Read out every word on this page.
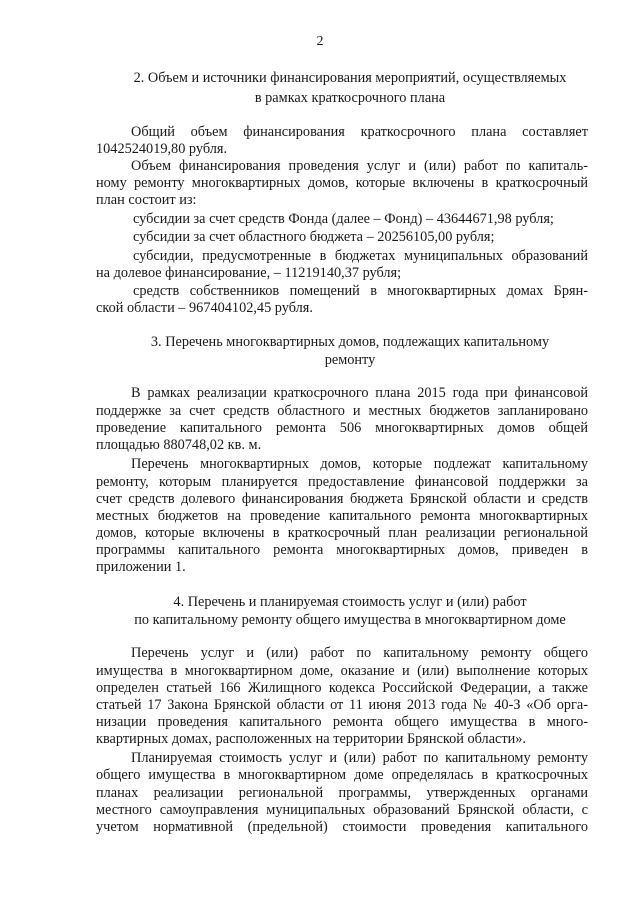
2
2. Объем и источники финансирования мероприятий, осуществляемых
в рамках краткосрочного плана
Общий объем финансирования краткосрочного плана составляет
1042524019,80 рубля.
Объем финансирования проведения услуг и (или) работ по капиталь-
ному ремонту многоквартирных домов, которые включены в краткосрочный
план состоит из:
субсидии за счет средств Фонда (далее – Фонд) – 43644671,98 рубля;
субсидии за счет областного бюджета – 20256105,00 рубля;
субсидии, предусмотренные в бюджетах муниципальных образований
на долевое финансирование, – 11219140,37 рубля;
средств собственников помещений в многоквартирных домах Брян-
ской области – 967404102,45 рубля.
3. Перечень многоквартирных домов, подлежащих капитальному
ремонту
В рамках реализации краткосрочного плана 2015 года при финансовой
поддержке за счет средств областного и местных бюджетов запланировано
проведение капитального ремонта 506 многоквартирных домов общей
площадью 880748,02 кв. м.
Перечень многоквартирных домов, которые подлежат капитальному
ремонту, которым планируется предоставление финансовой поддержки за
счет средств долевого финансирования бюджета Брянской области и средств
местных бюджетов на проведение капитального ремонта многоквартирных
домов, которые включены в краткосрочный план реализации региональной
программы капитального ремонта многоквартирных домов, приведен в
приложении 1.
4. Перечень и планируемая стоимость услуг и (или) работ
по капитальному ремонту общего имущества в многоквартирном доме
Перечень услуг и (или) работ по капитальному ремонту общего
имущества в многоквартирном доме, оказание и (или) выполнение которых
определен статьей 166 Жилищного кодекса Российской Федерации, а также
статьей 17 Закона Брянской области от 11 июня 2013 года № 40-З «Об орга-
низации проведения капитального ремонта общего имущества в много-
квартирных домах, расположенных на территории Брянской области».
Планируемая стоимость услуг и (или) работ по капитальному ремонту
общего имущества в многоквартирном доме определялась в краткосрочных
планах реализации региональной программы, утвержденных органами
местного самоуправления муниципальных образований Брянской области, с
учетом нормативной (предельной) стоимости проведения капитального
